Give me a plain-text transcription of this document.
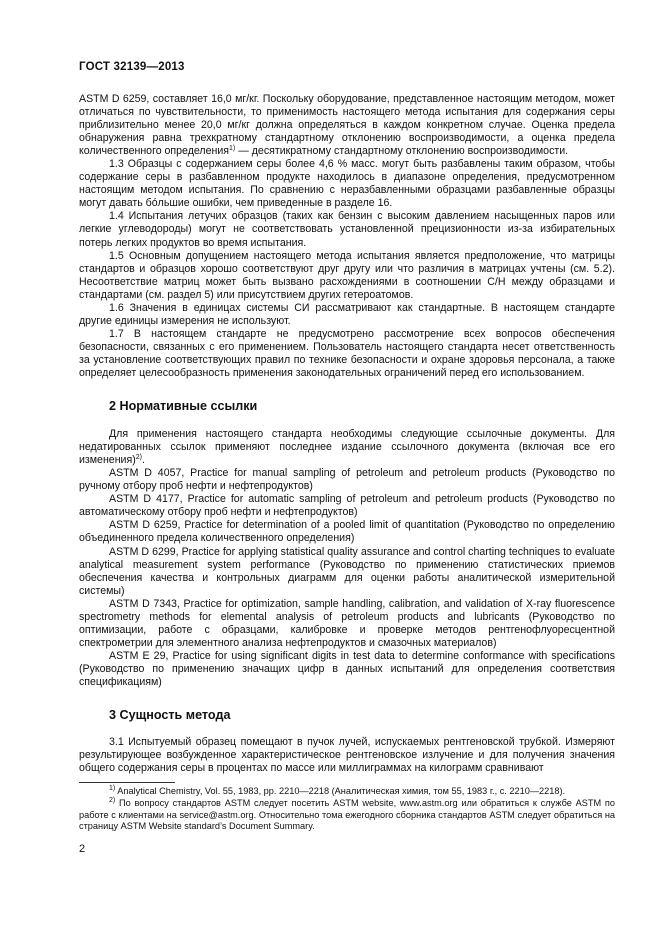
ГОСТ 32139—2013

ASTM D 6259, составляет 16,0 мг/кг. Поскольку оборудование, представленное настоящим методом, может отличаться по чувствительности, то применимость настоящего метода испытания для содержания серы приблизительно менее 20,0 мг/кг должна определяться в каждом конкретном случае. Оценка предела обнаружения равна трехкратному стандартному отклонению воспроизводимости, а оценка предела количественного определения$^{1)}$ — десятикратному стандартному отклонению воспроизводимости.

1.3 Образцы с содержанием серы более 4,6 % масс. могут быть разбавлены таким образом, чтобы содержание серы в разбавленном продукте находилось в диапазоне определения, предусмотренном настоящим методом испытания. По сравнению с неразбавленными образцами разбавленные образцы могут давать бóльшие ошибки, чем приведенные в разделе 16.

1.4 Испытания летучих образцов (таких как бензин с высоким давлением насыщенных паров или легкие углеводороды) могут не соответствовать установленной прецизионности из-за избирательных потерь легких продуктов во время испытания.

1.5 Основным допущением настоящего метода испытания является предположение, что матрицы стандартов и образцов хорошо соответствуют друг другу или что различия в матрицах учтены (см. 5.2). Несоответствие матриц может быть вызвано расхождениями в соотношении С/Н между образцами и стандартами (см. раздел 5) или присутствием других гетероатомов.

1.6 Значения в единицах системы СИ рассматривают как стандартные. В настоящем стандарте другие единицы измерения не используют.

1.7 В настоящем стандарте не предусмотрено рассмотрение всех вопросов обеспечения безопасности, связанных с его применением. Пользователь настоящего стандарта несет ответственность за установление соответствующих правил по технике безопасности и охране здоровья персонала, а также определяет целесообразность применения законодательных ограничений перед его использованием.

2 Нормативные ссылки

Для применения настоящего стандарта необходимы следующие ссылочные документы. Для недатированных ссылок применяют последнее издание ссылочного документа (включая все его изменения)$^{2)}$.

ASTM D 4057, Practice for manual sampling of petroleum and petroleum products (Руководство по ручному отбору проб нефти и нефтепродуктов)

ASTM D 4177, Practice for automatic sampling of petroleum and petroleum products (Руководство по автоматическому отбору проб нефти и нефтепродуктов)

ASTM D 6259, Practice for determination of a pooled limit of quantitation (Руководство по определению объединенного предела количественного определения)

ASTM D 6299, Practice for applying statistical quality assurance and control charting techniques to evaluate analytical measurement system performance (Руководство по применению статистических приемов обеспечения качества и контрольных диаграмм для оценки работы аналитической измерительной системы)

ASTM D 7343, Practice for optimization, sample handling, calibration, and validation of X-ray fluorescence spectrometry methods for elemental analysis of petroleum products and lubricants (Руководство по оптимизации, работе с образцами, калибровке и проверке методов рентгенофлуоресцентной спектрометрии для элементного анализа нефтепродуктов и смазочных материалов)

ASTM E 29, Practice for using significant digits in test data to determine conformance with specifications (Руководство по применению значащих цифр в данных испытаний для определения соответствия спецификациям)

3 Сущность метода

3.1 Испытуемый образец помещают в пучок лучей, испускаемых рентгеновской трубкой. Измеряют результирующее возбужденное характеристическое рентгеновское излучение и для получения значения общего содержания серы в процентах по массе или миллиграммах на килограмм сравнивают

$^{1)}$ Analytical Chemistry, Vol. 55, 1983, pp. 2210—2218 (Аналитическая химия, том 55, 1983 г., с. 2210—2218).

$^{2)}$ По вопросу стандартов ASTM следует посетить ASTM website, www.astm.org или обратиться к службе ASTM по работе с клиентами на service@astm.org. Относительно тома ежегодного сборника стандартов ASTM следует обратиться на страницу ASTM Website standard’s Document Summary.

2
